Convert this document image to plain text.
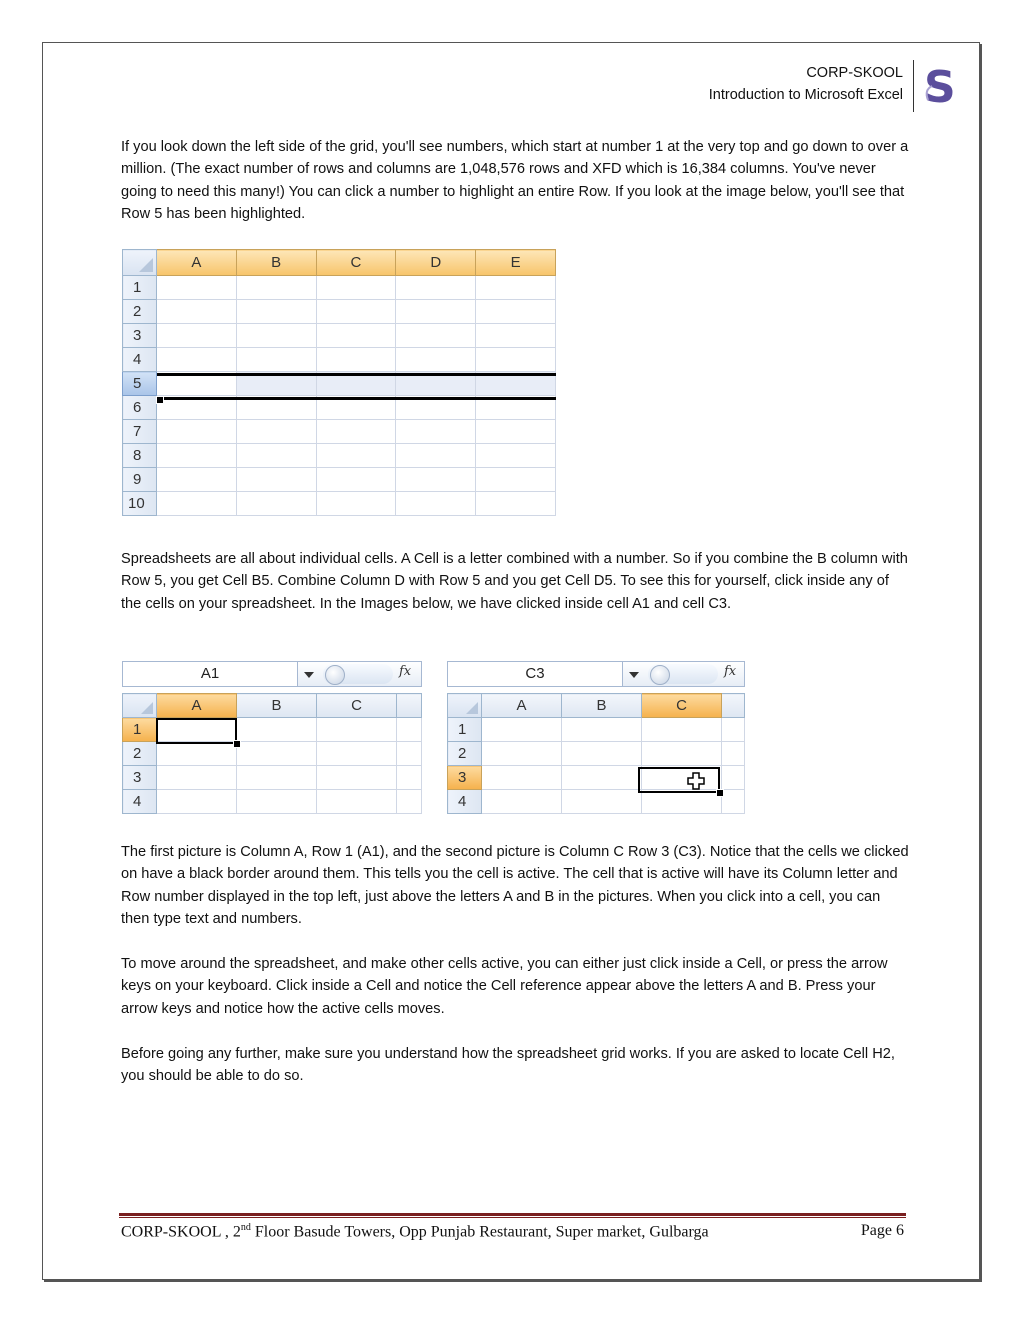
CORP-SKOOL
Introduction to Microsoft Excel S

If you look down the left side of the grid, you'll see numbers, which start at number 1 at the very top and go down to over a million. (The exact number of rows and columns are 1,048,576 rows and XFD which is 16,384 columns. You've never going to need this many!) You can click a number to highlight an entire Row. If you look at the image below, you'll see that Row 5 has been highlighted.

	A	B	C	D	E
1					
2					
3					
4					
5					
6					
7					
8					
9					
10					

Spreadsheets are all about individual cells. A Cell is a letter combined with a number. So if you combine the B column with Row 5, you get Cell B5. Combine Column D with Row 5 and you get Cell D5. To see this for yourself, click inside any of the cells on your spreadsheet. In the Images below, we have clicked inside cell A1 and cell C3.

A1	fx
	A	B	C	
1				
2				
3				
4				
C3	fx
	A	B	C	
1				
2				
3				
4				

The first picture is Column A, Row 1 (A1), and the second picture is Column C Row 3 (C3). Notice that the cells we clicked on have a black border around them. This tells you the cell is active. The cell that is active will have its Column letter and Row number displayed in the top left, just above the letters A and B in the pictures. When you click into a cell, you can then type text and numbers.

To move around the spreadsheet, and make other cells active, you can either just click inside a Cell, or press the arrow keys on your keyboard. Click inside a Cell and notice the Cell reference appear above the letters A and B. Press your arrow keys and notice how the active cells moves.

Before going any further, make sure you understand how the spreadsheet grid works. If you are asked to locate Cell H2, you should be able to do so.

CORP-SKOOL , 2nd Floor Basude Towers, Opp Punjab Restaurant, Super market, Gulbarga	Page 6
